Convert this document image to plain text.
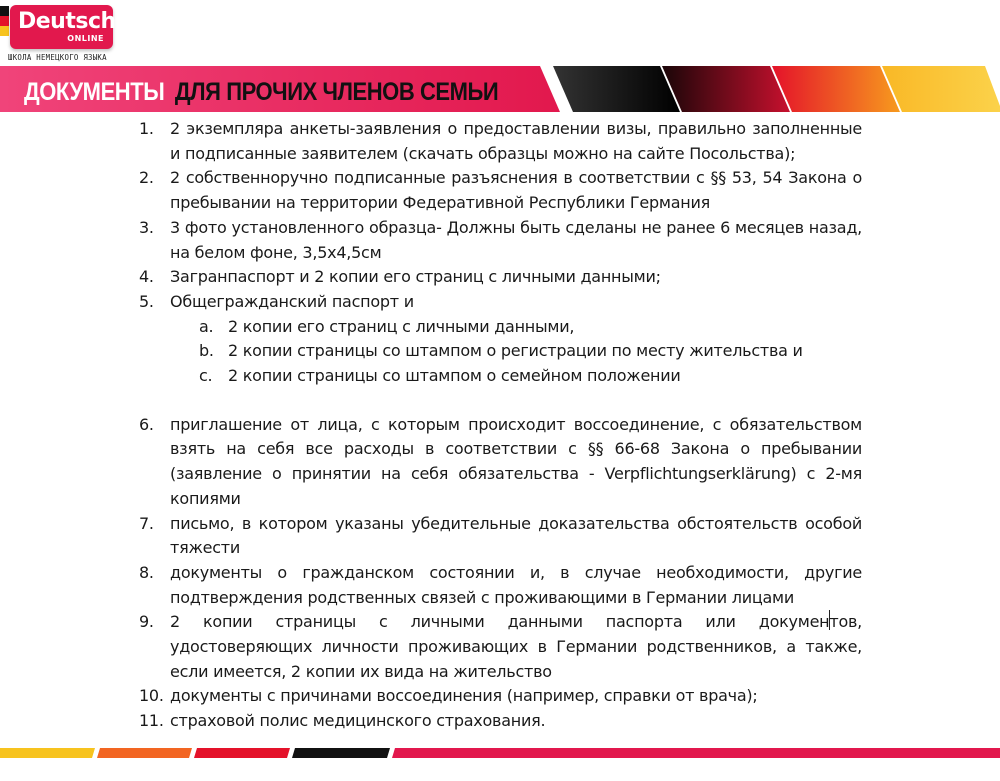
Deutsch
ONLINE
ШКОЛА НЕМЕЦКОГО ЯЗЫКА
ДОКУМЕНТЫ ДЛЯ ПРОЧИХ ЧЛЕНОВ СЕМЬИ
1. 2 экземпляра анкеты-заявления о предоставлении визы, правильно заполненные и подписанные заявителем (скачать образцы можно на сайте Посольства);
2. 2 собственноручно подписанные разъяснения в соответствии с §§ 53, 54 Закона о пребывании на территории Федеративной Республики Германия
3. 3 фото установленного образца- Должны быть сделаны не ранее 6 месяцев назад, на белом фоне, 3,5х4,5см
4. Загранпаспорт и 2 копии его страниц с личными данными;
5. Общегражданский паспорт и
a. 2 копии его страниц с личными данными,
b. 2 копии страницы со штампом о регистрации по месту жительства и
c. 2 копии страницы со штампом о семейном положении
6. приглашение от лица, с которым происходит воссоединение, с обязательством взять на себя все расходы в соответствии с §§ 66-68 Закона о пребывании (заявление о принятии на себя обязательства - Verpflichtungserklärung) с 2-мя копиями
7. письмо, в котором указаны убедительные доказательства обстоятельств особой тяжести
8. документы о гражданском состоянии и, в случае необходимости, другие подтверждения родственных связей с проживающими в Германии лицами
9. 2 копии страницы с личными данными паспорта или документов, удостоверяющих личности проживающих в Германии родственников, а также, если имеется, 2 копии их вида на жительство
10. документы с причинами воссоединения (например, справки от врача);
11. страховой полис медицинского страхования.
